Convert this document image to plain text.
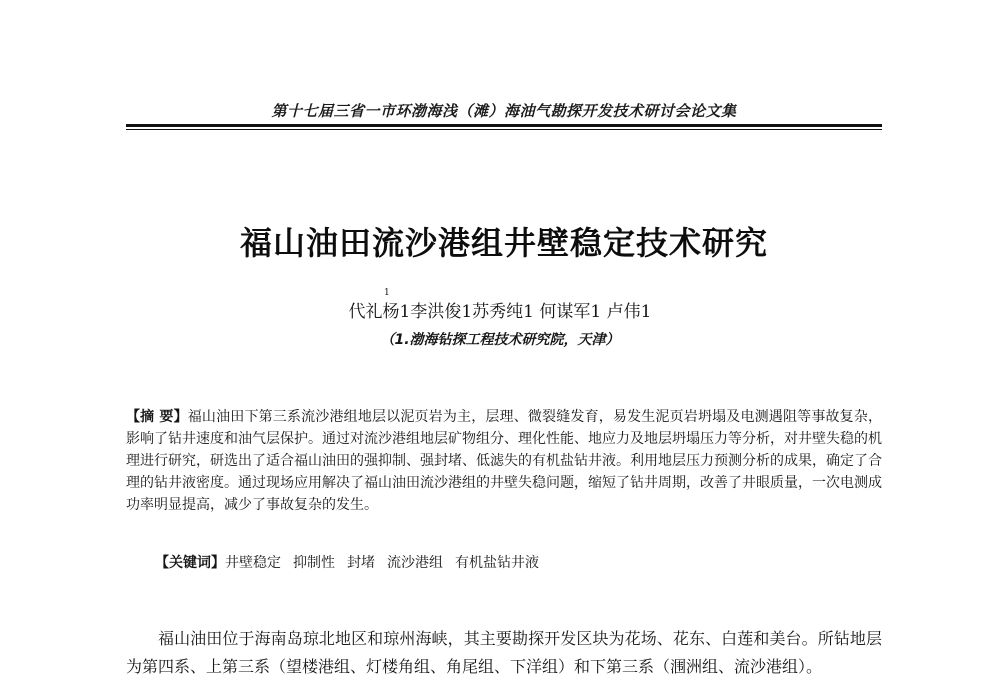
第十七届三省一市环渤海浅（滩）海油气勘探开发技术研讨会论文集
福山油田流沙港组井壁稳定技术研究
1
代礼杨1李洪俊1苏秀纯1 何谋军1 卢伟1
（1.渤海钻探工程技术研究院，天津）
【摘 要】福山油田下第三系流沙港组地层以泥页岩为主，层理、微裂缝发育，易发生泥页岩坍塌及电测遇阻等事故复杂，影响了钻井速度和油气层保护。通过对流沙港组地层矿物组分、理化性能、地应力及地层坍塌压力等分析，对井壁失稳的机理进行研究，研选出了适合福山油田的强抑制、强封堵、低滤失的有机盐钻井液。利用地层压力预测分析的成果，确定了合理的钻井液密度。通过现场应用解决了福山油田流沙港组的井壁失稳问题，缩短了钻井周期，改善了井眼质量，一次电测成功率明显提高，减少了事故复杂的发生。
【关键词】井壁稳定 抑制性 封堵 流沙港组 有机盐钻井液
福山油田位于海南岛琼北地区和琼州海峡，其主要勘探开发区块为花场、花东、白莲和美台。所钻地层为第四系、上第三系（望楼港组、灯楼角组、角尾组、下洋组）和下第三系（涠洲组、流沙港组）。
